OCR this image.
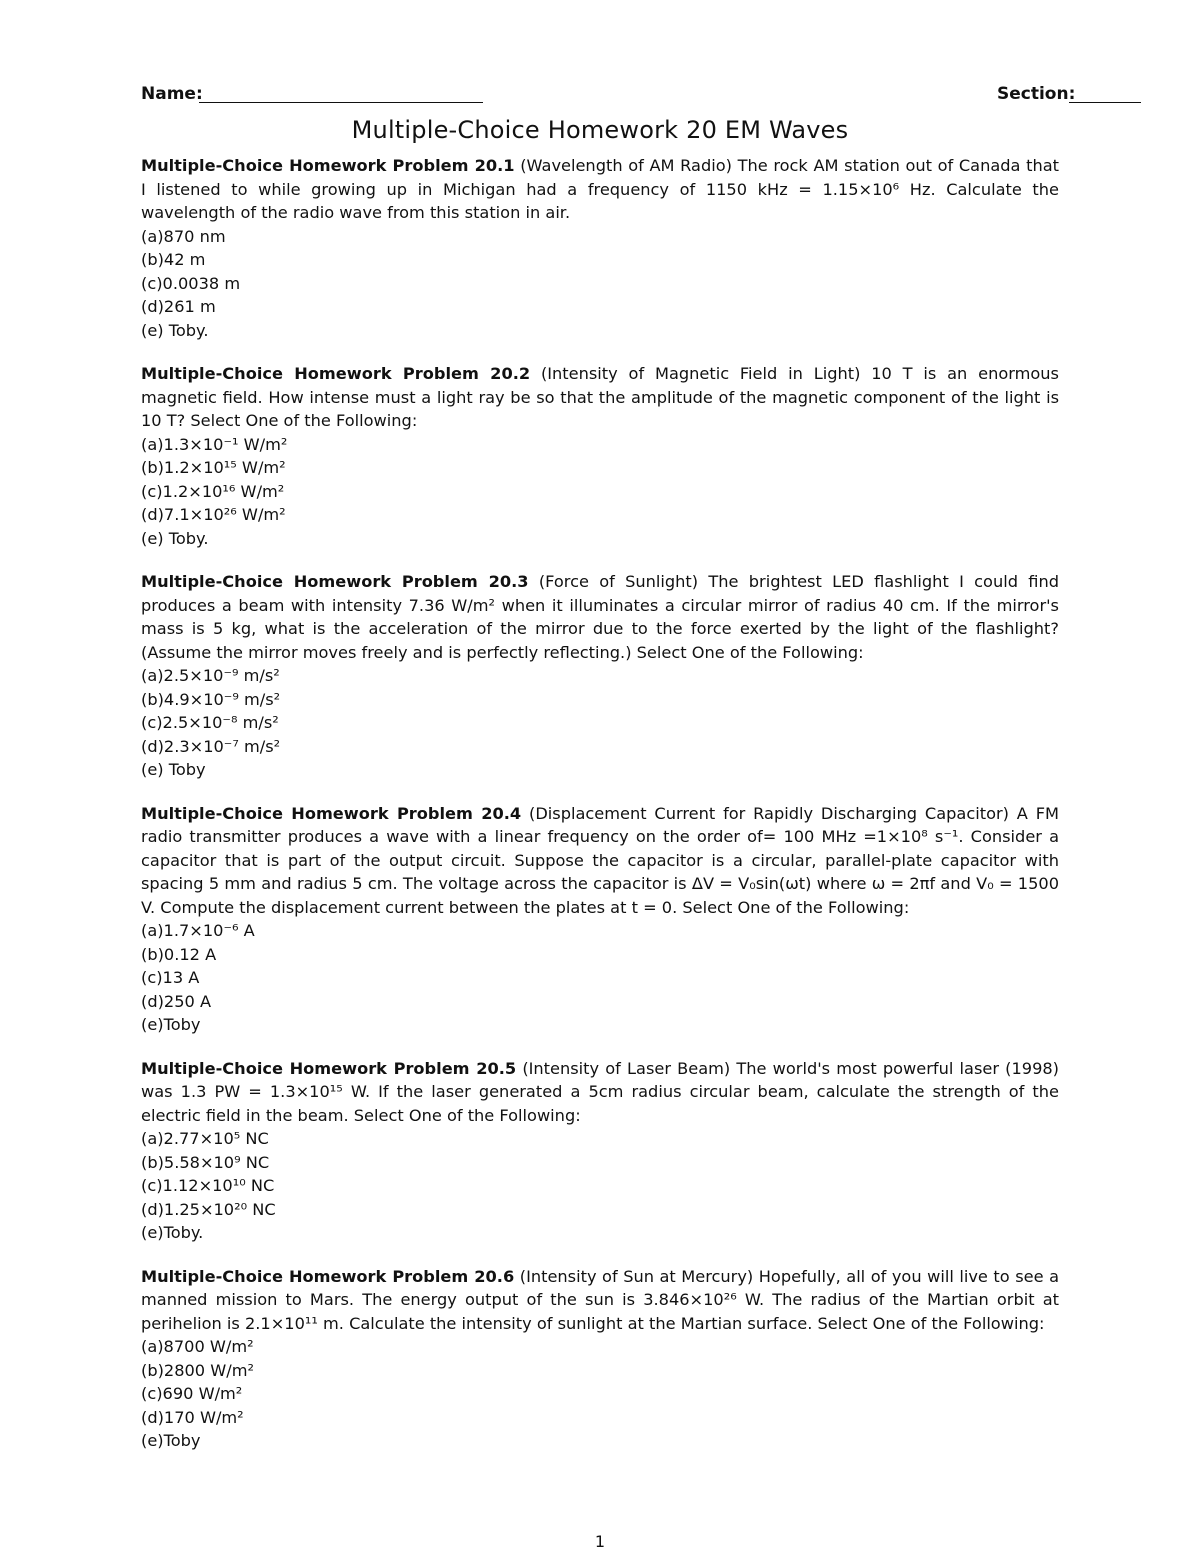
Name:	Section:
Multiple-Choice Homework 20 EM Waves
Multiple-Choice Homework Problem 20.1 (Wavelength of AM Radio) The rock AM station out of Canada that I listened to while growing up in Michigan had a frequency of 1150 kHz = 1.15×10⁶ Hz. Calculate the wavelength of the radio wave from this station in air.
(a)870 nm
(b)42 m
(c)0.0038 m
(d)261 m
(e) Toby.
Multiple-Choice Homework Problem 20.2 (Intensity of Magnetic Field in Light) 10 T is an enormous magnetic field. How intense must a light ray be so that the amplitude of the magnetic component of the light is 10 T? Select One of the Following:
(a)1.3×10⁻¹ W/m²
(b)1.2×10¹⁵ W/m²
(c)1.2×10¹⁶ W/m²
(d)7.1×10²⁶ W/m²
(e) Toby.
Multiple-Choice Homework Problem 20.3 (Force of Sunlight) The brightest LED flashlight I could find produces a beam with intensity 7.36 W/m² when it illuminates a circular mirror of radius 40 cm. If the mirror's mass is 5 kg, what is the acceleration of the mirror due to the force exerted by the light of the flashlight? (Assume the mirror moves freely and is perfectly reflecting.) Select One of the Following:
(a)2.5×10⁻⁹ m/s²
(b)4.9×10⁻⁹ m/s²
(c)2.5×10⁻⁸ m/s²
(d)2.3×10⁻⁷ m/s²
(e) Toby
Multiple-Choice Homework Problem 20.4 (Displacement Current for Rapidly Discharging Capacitor) A FM radio transmitter produces a wave with a linear frequency on the order of= 100 MHz =1×10⁸ s⁻¹. Consider a capacitor that is part of the output circuit. Suppose the capacitor is a circular, parallel-plate capacitor with spacing 5 mm and radius 5 cm. The voltage across the capacitor is ΔV = V₀sin(ωt) where ω = 2πf and V₀ = 1500 V. Compute the displacement current between the plates at t = 0. Select One of the Following:
(a)1.7×10⁻⁶ A
(b)0.12 A
(c)13 A
(d)250 A
(e)Toby
Multiple-Choice Homework Problem 20.5 (Intensity of Laser Beam) The world's most powerful laser (1998) was 1.3 PW = 1.3×10¹⁵ W. If the laser generated a 5cm radius circular beam, calculate the strength of the electric field in the beam. Select One of the Following:
(a)2.77×10⁵ NC
(b)5.58×10⁹ NC
(c)1.12×10¹⁰ NC
(d)1.25×10²⁰ NC
(e)Toby.
Multiple-Choice Homework Problem 20.6 (Intensity of Sun at Mercury) Hopefully, all of you will live to see a manned mission to Mars. The energy output of the sun is 3.846×10²⁶ W. The radius of the Martian orbit at perihelion is 2.1×10¹¹ m. Calculate the intensity of sunlight at the Martian surface. Select One of the Following:
(a)8700 W/m²
(b)2800 W/m²
(c)690 W/m²
(d)170 W/m²
(e)Toby
1
